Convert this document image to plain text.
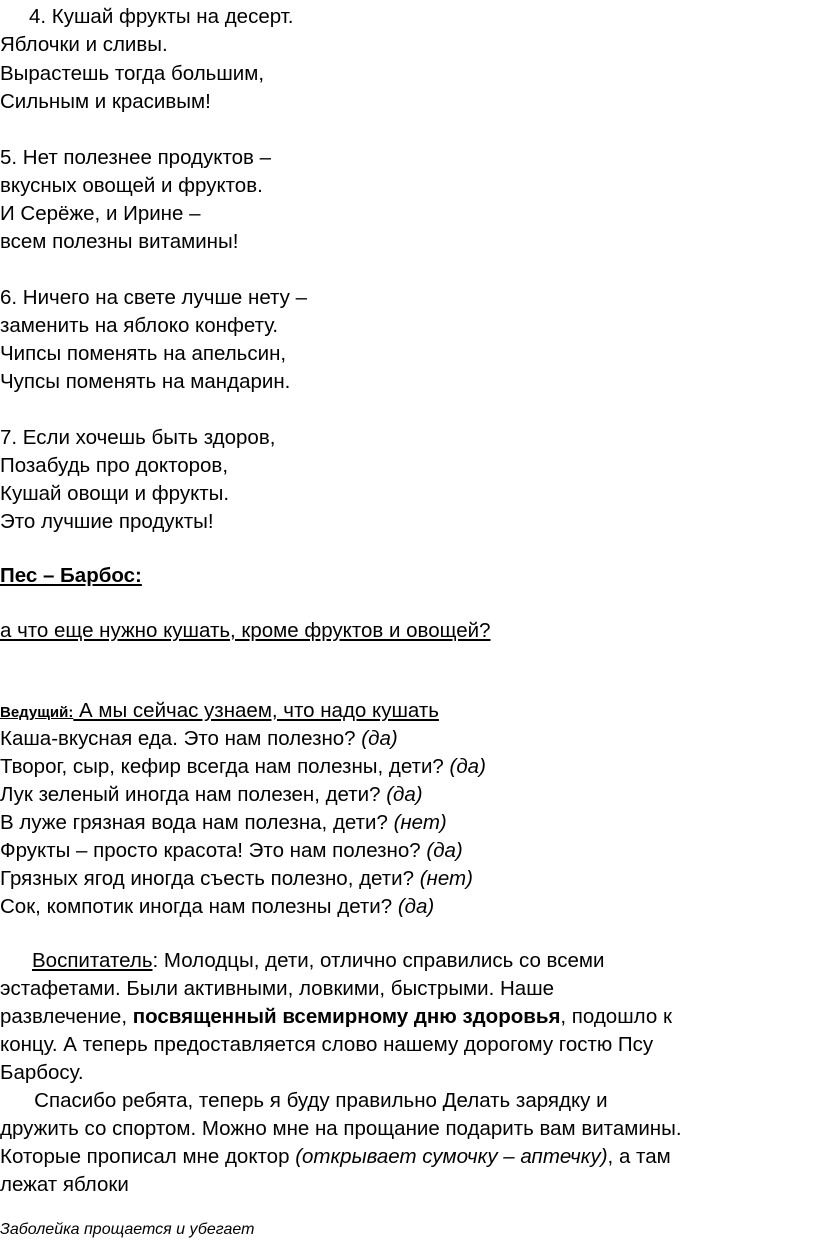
4. Кушай фрукты на десерт.
Яблочки и сливы.
Вырастешь тогда большим,
Сильным и красивым!
5. Нет полезнее продуктов –
вкусных овощей и фруктов.
И Серёже, и Ирине –
всем полезны витамины!
6. Ничего на свете лучше нету –
заменить на яблоко конфету.
Чипсы поменять на апельсин,
Чупсы поменять на мандарин.
7. Если хочешь быть здоров,
Позабудь про докторов,
Кушай овощи и фрукты.
Это лучшие продукты!
Пес – Барбос:
а что еще нужно кушать, кроме фруктов и овощей?
Ведущий: А мы сейчас узнаем, что надо кушать
Каша-вкусная еда. Это нам полезно? (да)
Творог, сыр, кефир всегда нам полезны, дети? (да)
Лук зеленый иногда нам полезен, дети? (да)
В луже грязная вода нам полезна, дети? (нет)
Фрукты – просто красота! Это нам полезно? (да)
Грязных ягод иногда съесть полезно, дети? (нет)
Сок, компотик иногда нам полезны дети? (да)
Воспитатель: Молодцы, дети, отлично справились со всеми
эстафетами. Были активными, ловкими, быстрыми. Наше
развлечение, посвященный всемирному дню здоровья, подошло к
концу. А теперь предоставляется слово нашему дорогому гостю Псу
Барбосу.
Спасибо ребята, теперь я буду правильно Делать зарядку и
дружить со спортом. Можно мне на прощание подарить вам витамины.
Которые прописал мне доктор (открывает сумочку – аптечку), а там
лежат яблоки
Заболейка прощается и убегает
